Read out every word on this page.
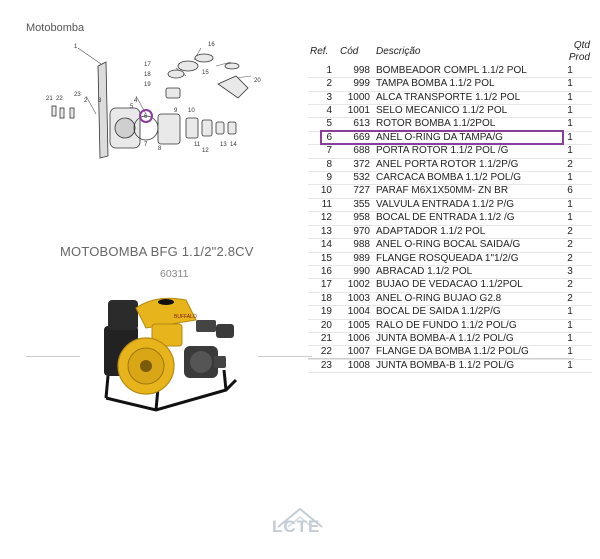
Motobomba
1
2 3	4
5
6
7
8
9 10
11
12
13 14
15
16
17
18
19
20
21 22
23
MOTOBOMBA BFG 1.1/2"2.8CV
60311
BUFFALO
Ref.	Cód	Descrição	Qtd Prod
1	998	BOMBEADOR COMPL 1.1/2 POL	1
2	999	TAMPA BOMBA 1.1/2 POL	1
3	1000	ALCA TRANSPORTE 1.1/2 POL	1
4	1001	SELO MECANICO 1.1/2 POL	1
5	613	ROTOR BOMBA 1.1/2POL	1
6	669	ANEL O-RING DA TAMPA/G	1
7	688	PORTA ROTOR 1.1/2 POL /G	1
8	372	ANEL PORTA ROTOR 1.1/2P/G	2
9	532	CARCACA BOMBA 1.1/2 POL/G	1
10	727	PARAF M6X1X50MM- ZN BR	6
11	355	VALVULA ENTRADA 1.1/2 P/G	1
12	958	BOCAL DE ENTRADA 1.1/2 /G	1
13	970	ADAPTADOR 1.1/2 POL	2
14	988	ANEL O-RING BOCAL SAIDA/G	2
15	989	FLANGE ROSQUEADA 1"1/2/G	2
16	990	ABRACAD 1.1/2 POL	3
17	1002	BUJAO DE VEDACAO 1.1/2POL	2
18	1003	ANEL O-RING BUJAO G2.8	2
19	1004	BOCAL DE SAIDA 1.1/2P/G	1
20	1005	RALO DE FUNDO 1.1/2 POL/G	1
21	1006	JUNTA BOMBA-A 1.1/2 POL/G	1
22	1007	FLANGE DA BOMBA 1.1/2 POL/G	1
23	1008	JUNTA BOMBA-B 1.1/2 POL/G	1
LCTE
